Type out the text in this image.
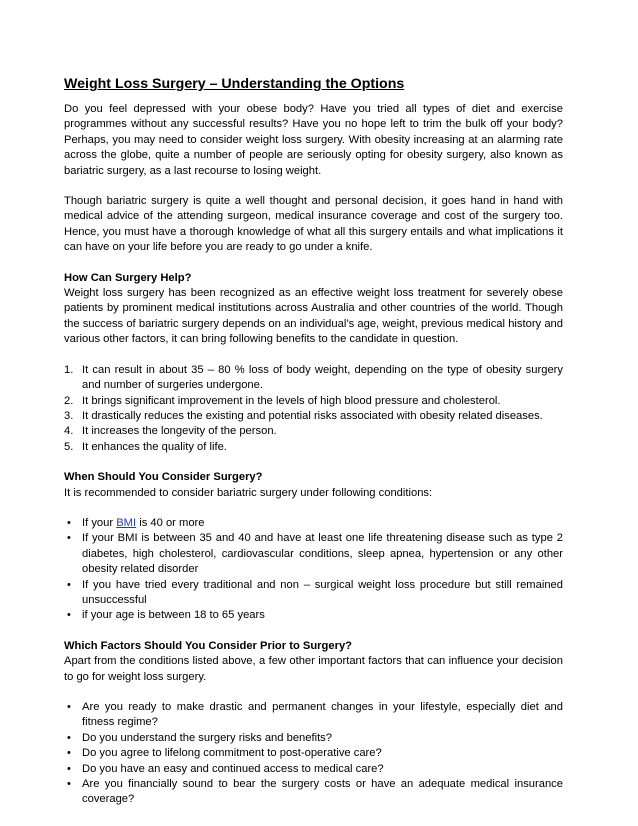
Weight Loss Surgery – Understanding the Options

Do you feel depressed with your obese body? Have you tried all types of diet and exercise programmes without any successful results? Have you no hope left to trim the bulk off your body? Perhaps, you may need to consider weight loss surgery. With obesity increasing at an alarming rate across the globe, quite a number of people are seriously opting for obesity surgery, also known as bariatric surgery, as a last recourse to losing weight.

Though bariatric surgery is quite a well thought and personal decision, it goes hand in hand with medical advice of the attending surgeon, medical insurance coverage and cost of the surgery too. Hence, you must have a thorough knowledge of what all this surgery entails and what implications it can have on your life before you are ready to go under a knife.

How Can Surgery Help?
Weight loss surgery has been recognized as an effective weight loss treatment for severely obese patients by prominent medical institutions across Australia and other countries of the world. Though the success of bariatric surgery depends on an individual’s age, weight, previous medical history and various other factors, it can bring following benefits to the candidate in question.
1. It can result in about 35 – 80 % loss of body weight, depending on the type of obesity surgery and number of surgeries undergone.
2. It brings significant improvement in the levels of high blood pressure and cholesterol.
3. It drastically reduces the existing and potential risks associated with obesity related diseases.
4. It increases the longevity of the person.
5. It enhances the quality of life.
When Should You Consider Surgery?
It is recommended to consider bariatric surgery under following conditions:
• If your BMI is 40 or more
• If your BMI is between 35 and 40 and have at least one life threatening disease such as type 2 diabetes, high cholesterol, cardiovascular conditions, sleep apnea, hypertension or any other obesity related disorder
• If you have tried every traditional and non – surgical weight loss procedure but still remained unsuccessful
• if your age is between 18 to 65 years
Which Factors Should You Consider Prior to Surgery?
Apart from the conditions listed above, a few other important factors that can influence your decision to go for weight loss surgery.
• Are you ready to make drastic and permanent changes in your lifestyle, especially diet and fitness regime?
• Do you understand the surgery risks and benefits?
• Do you agree to lifelong commitment to post-operative care?
• Do you have an easy and continued access to medical care?
• Are you financially sound to bear the surgery costs or have an adequate medical insurance coverage?
